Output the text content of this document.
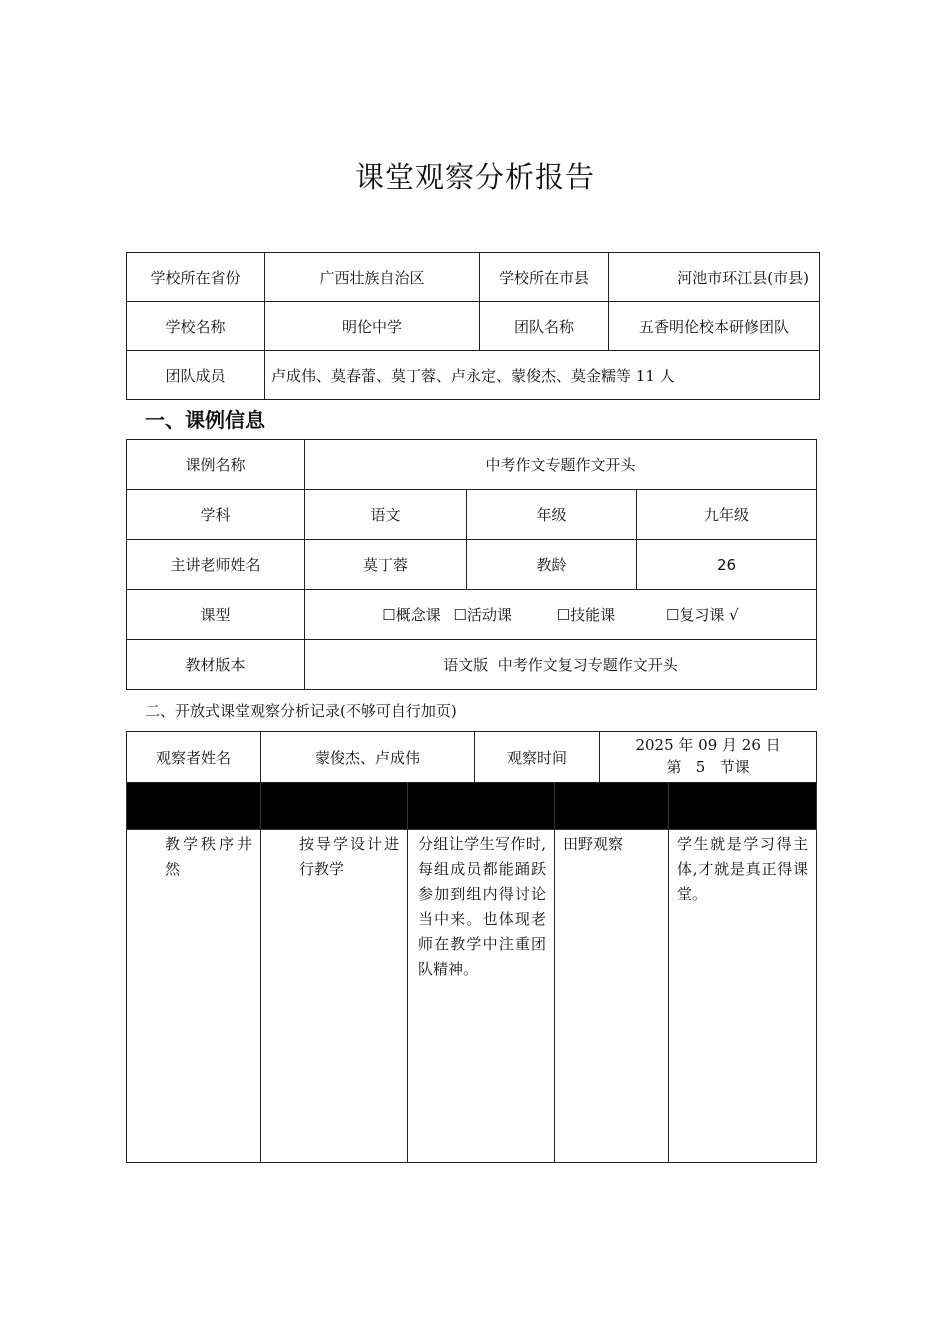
课堂观察分析报告
学校所在省份	广西壮族自治区	学校所在市县	河池市环江县(市县)
学校名称	明伦中学	团队名称	五香明伦校本研修团队
团队成员	卢成伟、莫春蕾、莫丁蓉、卢永定、蒙俊杰、莫金糯等 11 人		
一、课例信息
课例名称	中考作文专题作文开头		
学科	语文	年级	九年级
主讲老师姓名	莫丁蓉	教龄	26
课型	☐概念课 ☐活动课 ☐技能课 ☐复习课 √		
教材版本	语文版  中考作文复习专题作文开头		
二、开放式课堂观察分析记录(不够可自行加页)
观察者姓名	蒙俊杰、卢成伟		观察时间		2025 年 09 月 26 日
第   5   节课	

教学秩序井然	按导学设计进行教学	分组让学生写作时,每组成员都能踊跃参加到组内得讨论当中来。也体现老师在教学中注重团队精神。		田野观察		学生就是学习得主体,才就是真正得课堂。
